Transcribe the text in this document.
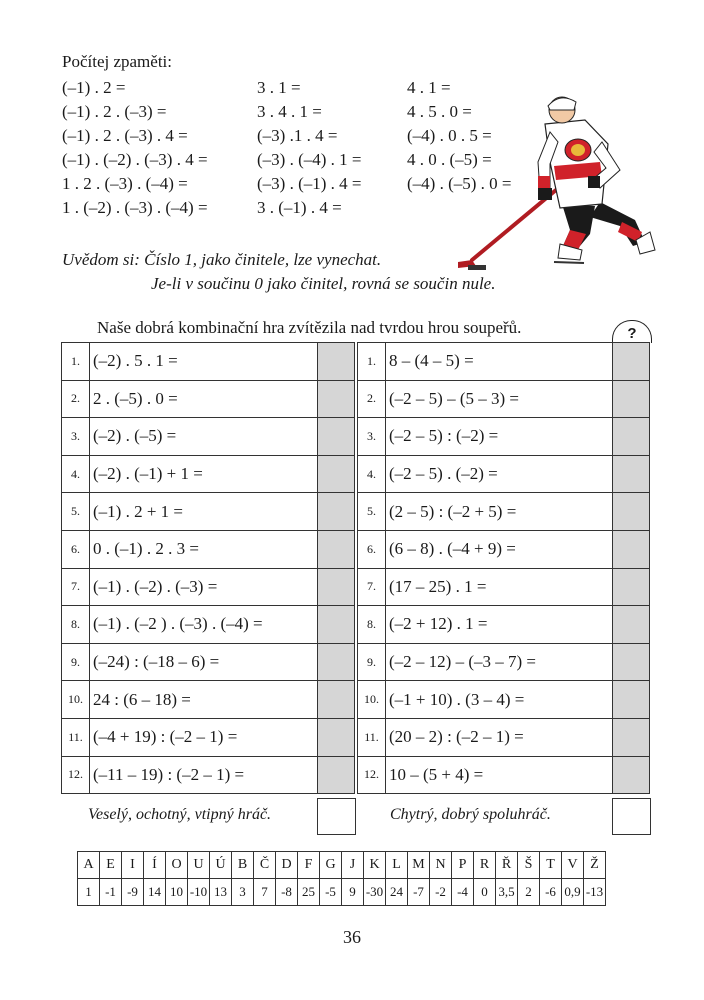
Počítej zpaměti:
(–1) . 2 =
(–1) . 2 . (–3) =
(–1) . 2 . (–3) . 4 =
(–1) . (–2) . (–3) . 4 =
1 . 2 . (–3) . (–4) =
1 . (–2) . (–3) . (–4) =
3 . 1 =
3 . 4 . 1 =
(–3) .1 . 4 =
(–3) . (–4) . 1 =
(–3) . (–1) . 4 =
3 . (–1) . 4 =
4 . 1 =
4 . 5 . 0 =
(–4) . 0 . 5 =
4 . 0 . (–5) =
(–4) . (–5) . 0 =
Uvědom si: Číslo 1, jako činitele, lze vynechat.
Je-li v součinu 0 jako činitel, rovná se součin nule.
Naše dobrá kombinační hra zvítězila nad tvrdou hrou soupeřů.	?
1.	(–2) . 5 . 1 =	
2.	2 . (–5) . 0 =	
3.	(–2) . (–5) =	
4.	(–2) . (–1) + 1 =	
5.	(–1) . 2 + 1 =	
6.	0 . (–1) . 2 . 3 =	
7.	(–1) . (–2) . (–3) =	
8.	(–1) . (–2 ) . (–3) . (–4) =	
9.	(–24) : (–18 – 6) =	
10.	24 : (6 – 18) =	
11.	(–4 + 19) : (–2 – 1) =	
12.	(–11 – 19) : (–2 – 1) =	
1.	8 – (4 – 5) =	
2.	(–2 – 5) – (5 – 3) =	
3.	(–2 – 5) : (–2) =	
4.	(–2 – 5) . (–2) =	
5.	(2 – 5) : (–2 + 5) =	
6.	(6 – 8) . (–4 + 9) =	
7.	(17 – 25) . 1 =	
8.	(–2 + 12) . 1 =	
9.	(–2 – 12) – (–3 – 7) =	
10.	(–1 + 10) . (3 – 4) =	
11.	(20 – 2) : (–2 – 1) =	
12.	10 – (5 + 4) =	
Veselý, ochotný, vtipný hráč.	Chytrý, dobrý spoluhráč.
A	E	I	Í	O	U	Ú	B	Č	D	F	G	J	K	L	M	N	P	R	Ř	Š	T	V	Ž
1	-1	-9	14	10	-10	13	3	7	-8	25	-5	9	-30	24	-7	-2	-4	0	3,5	2	-6	0,9	-13
36
